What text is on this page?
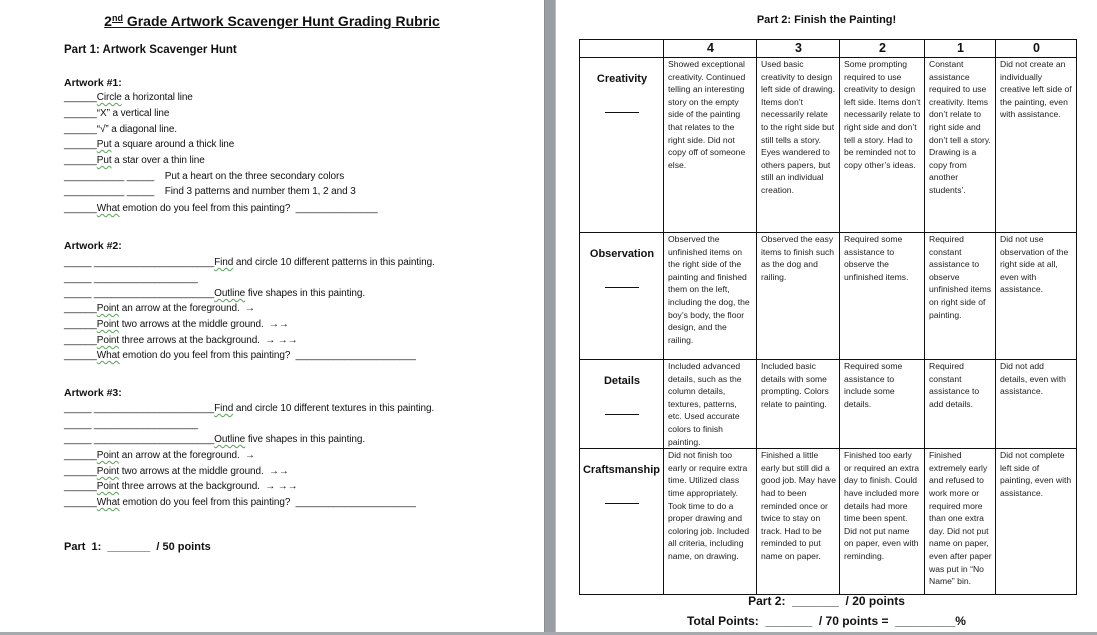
2nd Grade Artwork Scavenger Hunt Grading Rubric
Part 1: Artwork Scavenger Hunt
Artwork #1:
______Circle a horizontal line
______“X” a vertical line
______“√” a diagonal line.
______Put a square around a thick line
______Put a star over a thin line
___________ _____    Put a heart on the three secondary colors
___________ _____    Find 3 patterns and number them 1, 2 and 3
______What emotion do you feel from this painting?  _______________
Artwork #2:
_____ ______________________Find and circle 10 different patterns in this painting.
_____ ___________________
_____ ______________________Outline five shapes in this painting.
______Point an arrow at the foreground.  →
______Point two arrows at the middle ground.  →→
______Point three arrows at the background.  → →→
______What emotion do you feel from this painting?  ______________________
Artwork #3:
_____ ______________________Find and circle 10 different textures in this painting.
_____ ___________________
_____ ______________________Outline five shapes in this painting.
______Point an arrow at the foreground.  →
______Point two arrows at the middle ground.  →→
______Point three arrows at the background.  → →→
______What emotion do you feel from this painting?  ______________________
Part  1:  _______  / 50 points
Part 2: Finish the Painting!
	4	3	2	1	0

Creativity	Showed exceptional creativity. Continued telling an interesting story on the empty side of the painting that relates to the right side. Did not copy off of someone else.	Used basic creativity to design left side of drawing. Items don’t necessarily relate to the right side but still tells a story. Eyes wandered to others papers, but still an individual creation.	Some prompting required to use creativity to design left side. Items don’t necessarily relate to right side and don’t tell a story. Had to be reminded not to copy other’s ideas.	Constant assistance required to use creativity. Items don’t relate to right side and don’t tell a story. Drawing is a copy from another students’.	Did not create an individually creative left side of the painting, even with assistance.

Observation	Observed the unfinished items on the right side of the painting and finished them on the left, including the dog, the boy’s body, the floor design, and the railing.	Observed the easy items to finish such as the dog and railing.	Required some assistance to observe the unfinished items.	Required constant assistance to observe unfinished items on right side of painting.	Did not use observation of the right side at all, even with assistance.

Details	Included advanced details, such as the column details, textures, patterns, etc. Used accurate colors to finish painting.	Included basic details with some prompting. Colors relate to painting.	Required some assistance to include some details.	Required constant assistance to add details.	Did not add details, even with assistance.

Craftsmanship	Did not finish too early or require extra time. Utilized class time appropriately. Took time to do a proper drawing and coloring job. Included all criteria, including name, on drawing.	Finished a little early but still did a good job. May have had to been reminded once or twice to stay on track. Had to be reminded to put name on paper.	Finished too early or required an extra day to finish. Could have included more details had more time been spent. Did not put name on paper, even with reminding.	Finished extremely early and refused to work more or required more than one extra day. Did not put name on paper, even after paper was put in “No Name” bin.	Did not complete left side of painting, even with assistance.
Part 2:  _______  / 20 points
Total Points:  _______  / 70 points =  _________%
